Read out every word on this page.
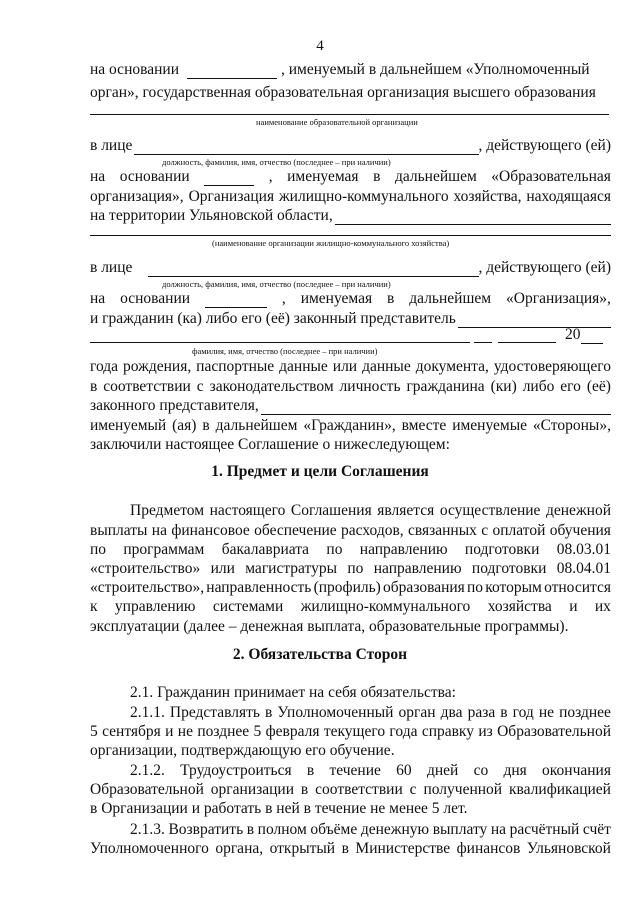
4
на основании	, именуемый в дальнейшем «Уполномоченный
орган», государственная образовательная организация высшего образования
наименование образовательной организации
в лице	, действующего (ей)
должность, фамилия, имя, отчество (последнее – при наличии)
на основании	, именуемая в дальнейшем «Образовательная
организация», Организация жилищно-коммунального хозяйства, находящаяся
на территории Ульяновской области,
(наименование организации жилищно-коммунального хозяйства)
в лице	, действующего (ей)
должность, фамилия, имя, отчество (последнее – при наличии)
на основании	, именуемая в дальнейшем «Организация»,
и гражданин (ка) либо его (её) законный представитель
20
фамилия, имя, отчество (последнее – при наличии)
года рождения, паспортные данные или данные документа, удостоверяющего
в соответствии с законодательством личность гражданина (ки) либо его (её)
законного представителя,
именуемый (ая) в дальнейшем «Гражданин», вместе именуемые «Стороны»,
заключили настоящее Соглашение о нижеследующем:
1. Предмет и цели Соглашения
Предметом настоящего Соглашения является осуществление денежной
выплаты на финансовое обеспечение расходов, связанных с оплатой обучения
по программам бакалавриата по направлению подготовки 08.03.01
«строительство» или магистратуры по направлению подготовки 08.04.01
«строительство», направленность (профиль) образования по которым относится
к управлению системами жилищно-коммунального хозяйства и их
эксплуатации (далее – денежная выплата, образовательные программы).
2. Обязательства Сторон
2.1. Гражданин принимает на себя обязательства:
2.1.1. Представлять в Уполномоченный орган два раза в год не позднее
5 сентября и не позднее 5 февраля текущего года справку из Образовательной
организации, подтверждающую его обучение.
2.1.2. Трудоустроиться в течение 60 дней со дня окончания
Образовательной организации в соответствии с полученной квалификацией
в Организации и работать в ней в течение не менее 5 лет.
2.1.3. Возвратить в полном объёме денежную выплату на расчётный счёт
Уполномоченного органа, открытый в Министерстве финансов Ульяновской
